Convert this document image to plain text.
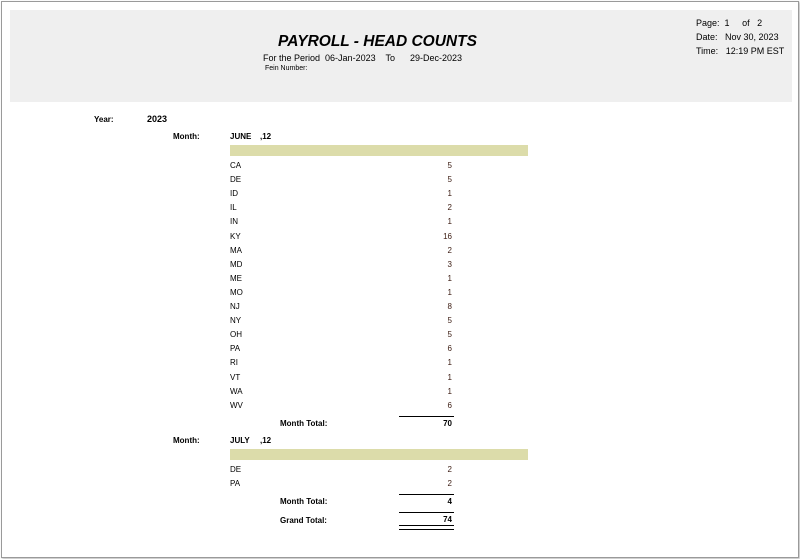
PAYROLL - HEAD COUNTS
For the Period 06-Jan-2023 To 29-Dec-2023
Fein Number:
Page: 1 of 2
Date: Nov 30, 2023
Time: 12:19 PM EST
Year:	2023
Month:	JUNE ,12
CA	5
DE	5
ID	1
IL	2
IN	1
KY	16
MA	2
MD	3
ME	1
MO	1
NJ	8
NY	5
OH	5
PA	6
RI	1
VT	1
WA	1
WV	6
Month Total:	70
Month:	JULY ,12
DE	2
PA	2
Month Total:	4
Grand Total:	74
